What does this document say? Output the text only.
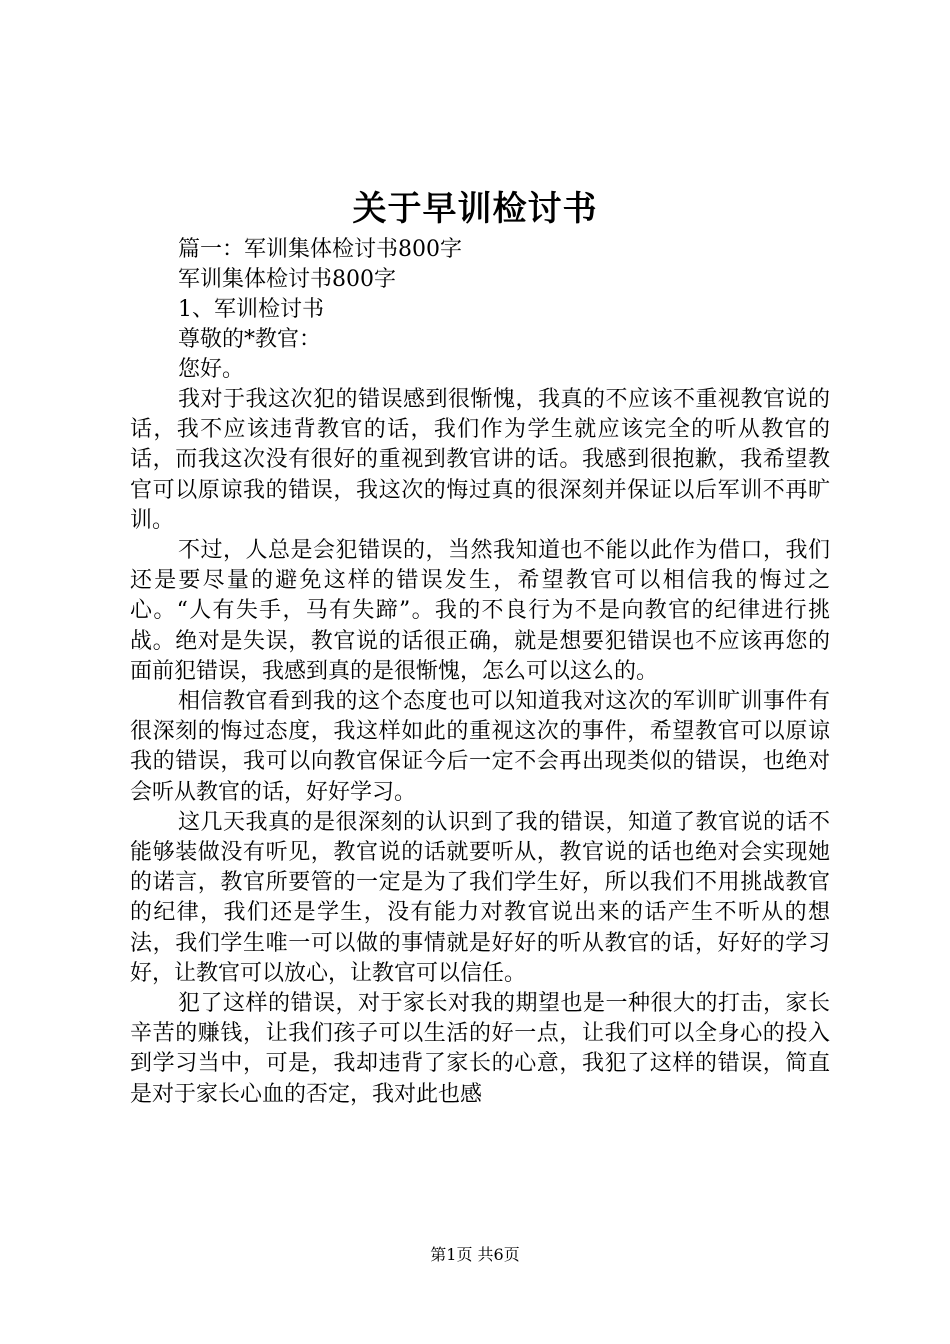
关于早训检讨书
篇一：军训集体检讨书800字
军训集体检讨书800字
1、军训检讨书
尊敬的*教官：
您好。

我对于我这次犯的错误感到很惭愧，我真的不应该不重视教官说的话，我不应该违背教官的话，我们作为学生就应该完全的听从教官的话，而我这次没有很好的重视到教官讲的话。我感到很抱歉，我希望教官可以原谅我的错误，我这次的悔过真的很深刻并保证以后军训不再旷训。

不过，人总是会犯错误的，当然我知道也不能以此作为借口，我们还是要尽量的避免这样的错误发生，希望教官可以相信我的悔过之心。“人有失手，马有失蹄”。我的不良行为不是向教官的纪律进行挑战。绝对是失误，教官说的话很正确，就是想要犯错误也不应该再您的面前犯错误，我感到真的是很惭愧，怎么可以这么的。

相信教官看到我的这个态度也可以知道我对这次的军训旷训事件有很深刻的悔过态度，我这样如此的重视这次的事件，希望教官可以原谅我的错误，我可以向教官保证今后一定不会再出现类似的错误，也绝对会听从教官的话，好好学习。

这几天我真的是很深刻的认识到了我的错误，知道了教官说的话不能够装做没有听见，教官说的话就要听从，教官说的话也绝对会实现她的诺言，教官所要管的一定是为了我们学生好，所以我们不用挑战教官的纪律，我们还是学生，没有能力对教官说出来的话产生不听从的想法，我们学生唯一可以做的事情就是好好的听从教官的话，好好的学习好，让教官可以放心，让教官可以信任。

犯了这样的错误，对于家长对我的期望也是一种很大的打击，家长辛苦的赚钱，让我们孩子可以生活的好一点，让我们可以全身心的投入到学习当中，可是，我却违背了家长的心意，我犯了这样的错误，简直是对于家长心血的否定，我对此也感

第1页 共6页
